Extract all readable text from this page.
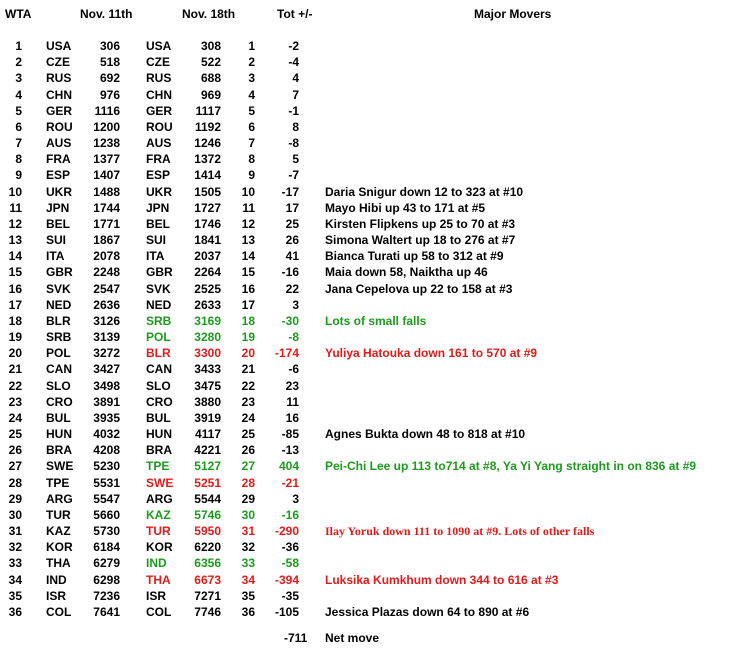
WTA	Nov. 11th	Nov. 18th	Tot +/-	Major Movers
1 USA 306 USA 308 1	-2
2 CZE 518 CZE	522 2	-4
3 RUS 692 RUS 688 3	4
4 CHN 976 CHN 969 4	7
5 GER 1116 GER 1117 5	-1
6 ROU 1200 ROU 1192 6	8
7 AUS 1238 AUS 1246 7	-8
8 FRA 1377 FRA 1372 8	5
9 ESP 1407 ESP 1414 9	-7
10 UKR 1488 UKR 1505 10 -17 Daria Snigur down 12 to 323 at #10
11 JPN 1744 JPN 1727 11	17 Mayo Hibi up 43 to 171 at #5
12 BEL 1771 BEL 1746 12	25 Kirsten Flipkens up 25 to 70 at #3
13 SUI 1867 SUI 1841 13	26 Simona Waltert up 18 to 276 at #7
14 ITA 2078 ITA 2037 14	41 Bianca Turati up 58 to 312 at #9
15 GBR 2248 GBR 2264 15 -16 Maia down 58, Naiktha up 46
16 SVK 2547 SVK 2525 16	22 Jana Cepelova up 22 to 158 at #3
17 NED 2636 NED 2633 17	3
18 BLR 3126 SRB 3169 18 -30 Lots of small falls
19 SRB 3139 POL 3280 19	-8
20 POL 3272 BLR 3300 20 -174 Yuliya Hatouka down 161 to 570 at #9
21 CAN 3427 CAN 3433 21	-6
22 SLO 3498 SLO 3475 22	23
23 CRO 3891 CRO 3880 23	11
24 BUL 3935 BUL 3919 24	16
25 HUN 4032 HUN 4117 25 -85 Agnes Bukta down 48 to 818 at #10
26 BRA 4208 BRA 4221 26 -13
27 SWE 5230 TPE 5127 27 404 Pei-Chi Lee up 113 to714 at #8, Ya Yi Yang straight in on 836 at #9
28 TPE 5531 SWE 5251 28 -21
29 ARG 5547 ARG 5544 29	3
30 TUR 5660 KAZ 5746 30 -16
31 KAZ 5730 TUR 5950 31 -290 Ilay Yoruk down 111 to 1090 at #9. Lots of other falls
32 KOR 6184 KOR 6220 32 -36
33 THA 6279 IND 6356 33 -58
34 IND 6298 THA 6673 34 -394 Luksika Kumkhum down 344 to 616 at #3
35 ISR 7236 ISR 7271 35 -35
36 COL 7641 COL 7746 36 -105 Jessica Plazas down 64 to 890 at #6
-711 Net move
